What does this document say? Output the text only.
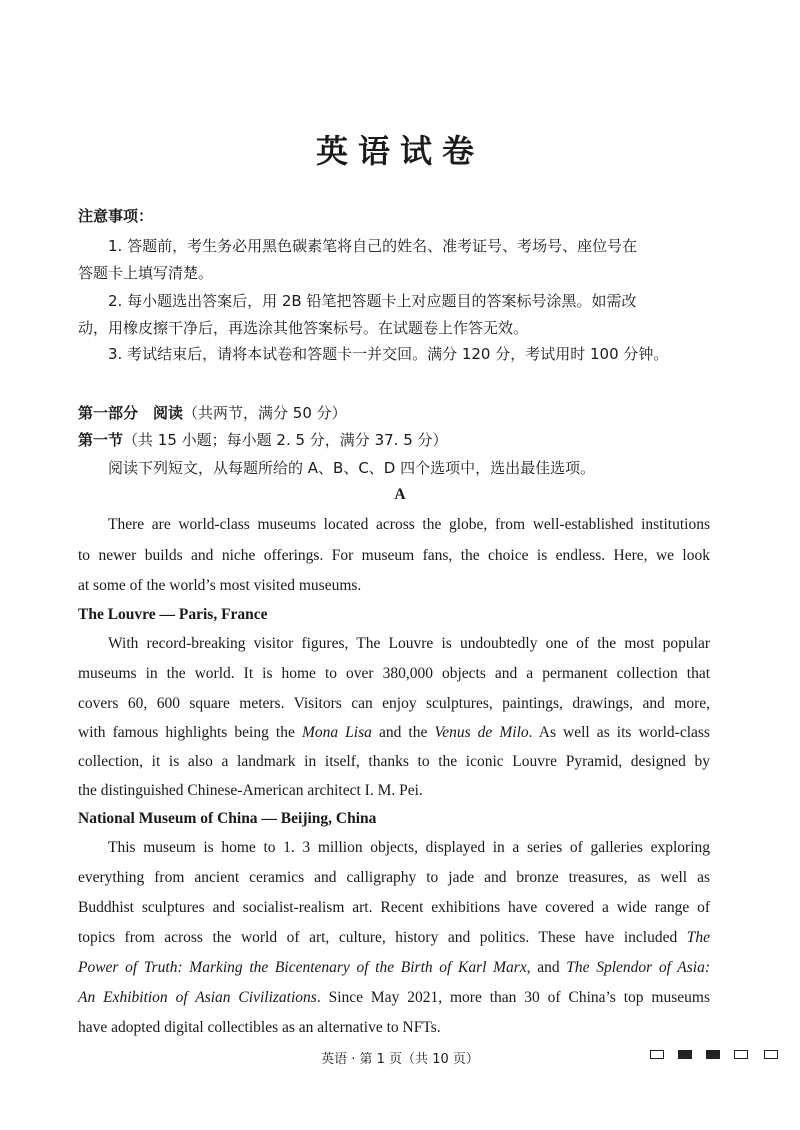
英语试卷
注意事项：
1. 答题前，考生务必用黑色碳素笔将自己的姓名、准考证号、考场号、座位号在
答题卡上填写清楚。
2. 每小题选出答案后，用 2B 铅笔把答题卡上对应题目的答案标号涂黑。如需改
动，用橡皮擦干净后，再选涂其他答案标号。在试题卷上作答无效。
3. 考试结束后，请将本试卷和答题卡一并交回。满分 120 分，考试用时 100 分钟。
第一部分　阅读（共两节，满分 50 分）
第一节（共 15 小题；每小题 2. 5 分，满分 37. 5 分）
阅读下列短文，从每题所给的 A、B、C、D 四个选项中，选出最佳选项。
A
There are world-class museums located across the globe, from well-established institutions
to newer builds and niche offerings. For museum fans, the choice is endless. Here, we look
at some of the world’s most visited museums.
The Louvre — Paris, France
With record-breaking visitor figures, The Louvre is undoubtedly one of the most popular
museums in the world. It is home to over 380,000 objects and a permanent collection that
covers 60, 600 square meters. Visitors can enjoy sculptures, paintings, drawings, and more,
with famous highlights being the Mona Lisa and the Venus de Milo. As well as its world-class
collection, it is also a landmark in itself, thanks to the iconic Louvre Pyramid, designed by
the distinguished Chinese-American architect I. M. Pei.
National Museum of China — Beijing, China
This museum is home to 1. 3 million objects, displayed in a series of galleries exploring
everything from ancient ceramics and calligraphy to jade and bronze treasures, as well as
Buddhist sculptures and socialist-realism art. Recent exhibitions have covered a wide range of
topics from across the world of art, culture, history and politics. These have included The
Power of Truth: Marking the Bicentenary of the Birth of Karl Marx, and The Splendor of Asia:
An Exhibition of Asian Civilizations. Since May 2021, more than 30 of China’s top museums
have adopted digital collectibles as an alternative to NFTs.
英语 · 第 1 页（共 10 页）
